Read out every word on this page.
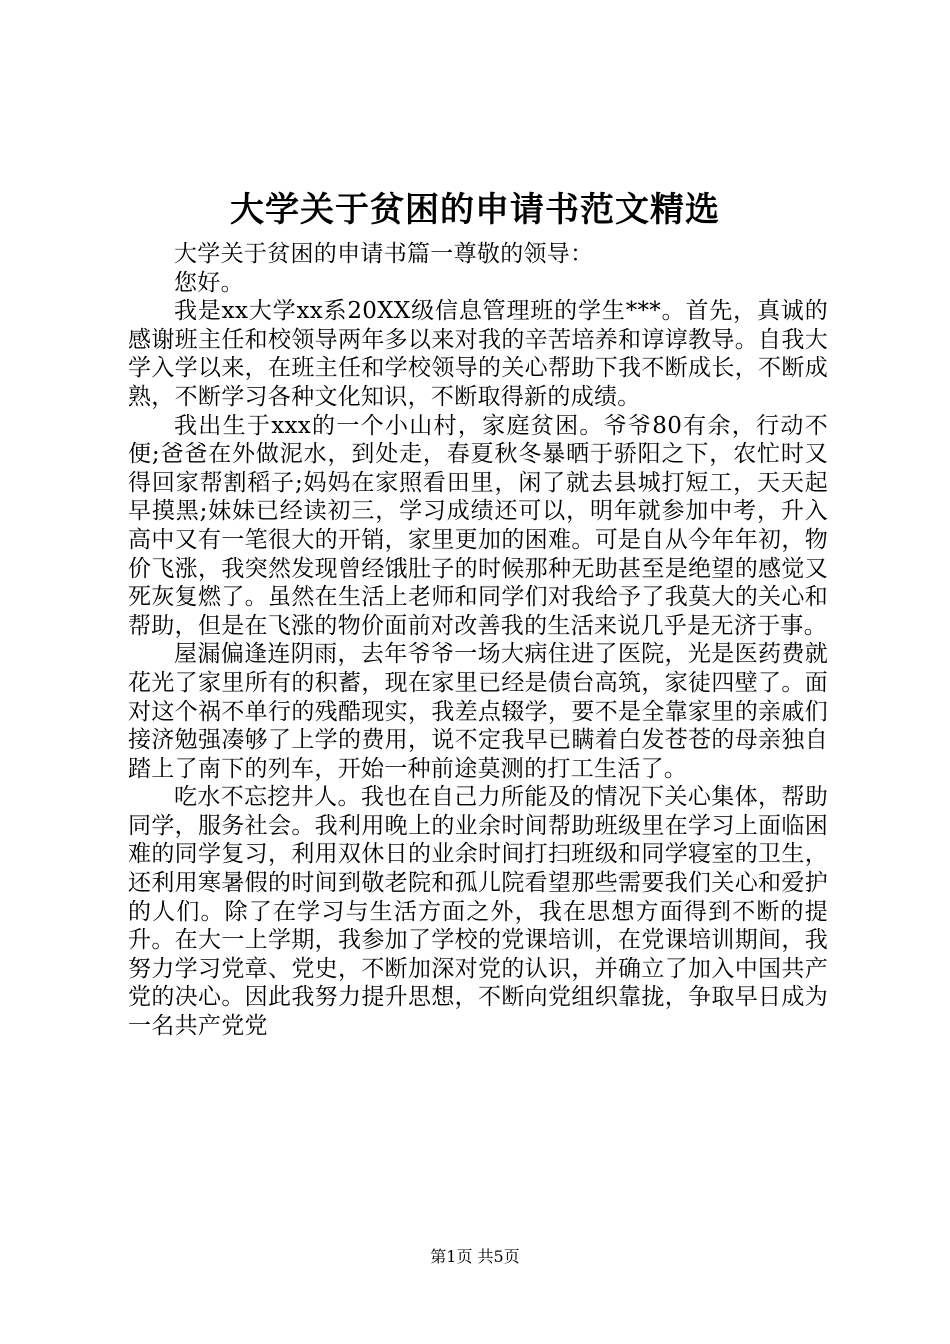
大学关于贫困的申请书范文精选

大学关于贫困的申请书篇一尊敬的领导：

您好。

我是xx大学xx系20XX级信息管理班的学生***。首先，真诚的感谢班主任和校领导两年多以来对我的辛苦培养和谆谆教导。自我大学入学以来，在班主任和学校领导的关心帮助下我不断成长，不断成熟，不断学习各种文化知识，不断取得新的成绩。

我出生于xxx的一个小山村，家庭贫困。爷爷80有余，行动不便;爸爸在外做泥水，到处走，春夏秋冬暴晒于骄阳之下，农忙时又得回家帮割稻子;妈妈在家照看田里，闲了就去县城打短工，天天起早摸黑;妹妹已经读初三，学习成绩还可以，明年就参加中考，升入高中又有一笔很大的开销，家里更加的困难。可是自从今年年初，物价飞涨，我突然发现曾经饿肚子的时候那种无助甚至是绝望的感觉又死灰复燃了。虽然在生活上老师和同学们对我给予了我莫大的关心和帮助，但是在飞涨的物价面前对改善我的生活来说几乎是无济于事。

屋漏偏逢连阴雨，去年爷爷一场大病住进了医院，光是医药费就花光了家里所有的积蓄，现在家里已经是债台高筑，家徒四壁了。面对这个祸不单行的残酷现实，我差点辍学，要不是全靠家里的亲戚们接济勉强凑够了上学的费用，说不定我早已瞒着白发苍苍的母亲独自踏上了南下的列车，开始一种前途莫测的打工生活了。

吃水不忘挖井人。我也在自己力所能及的情况下关心集体，帮助同学，服务社会。我利用晚上的业余时间帮助班级里在学习上面临困难的同学复习，利用双休日的业余时间打扫班级和同学寝室的卫生，还利用寒暑假的时间到敬老院和孤儿院看望那些需要我们关心和爱护的人们。除了在学习与生活方面之外，我在思想方面得到不断的提升。在大一上学期，我参加了学校的党课培训，在党课培训期间，我努力学习党章、党史，不断加深对党的认识，并确立了加入中国共产党的决心。因此我努力提升思想，不断向党组织靠拢，争取早日成为一名共产党党

第1页 共5页
